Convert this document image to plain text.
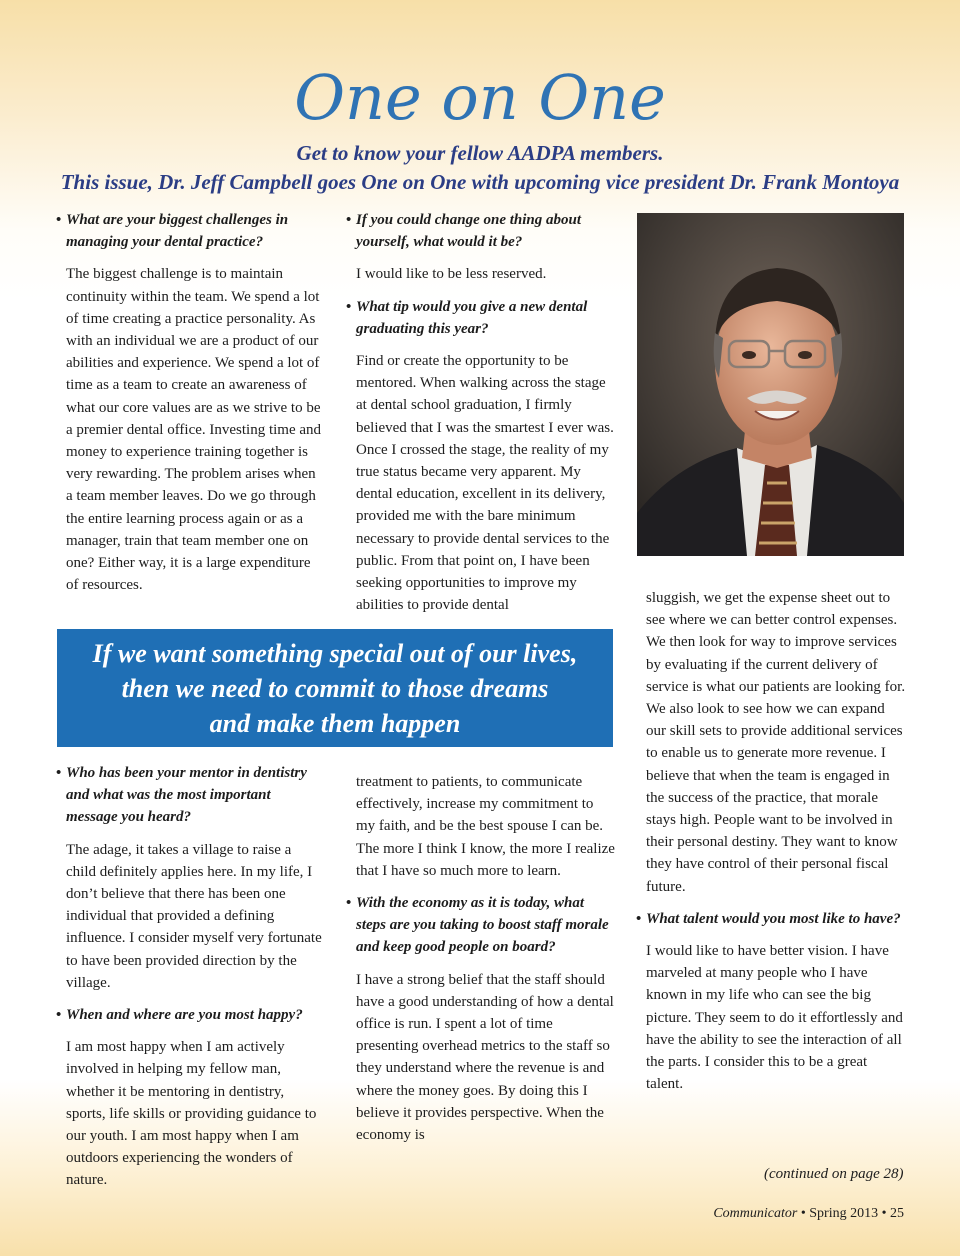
One on One
Get to know your fellow AADPA members.
This issue, Dr. Jeff Campbell goes One on One with upcoming vice president Dr. Frank Montoya
• What are your biggest challenges in managing your dental practice?

The biggest challenge is to maintain continuity within the team. We spend a lot of time creating a practice personality. As with an individual we are a product of our abilities and experience. We spend a lot of time as a team to create an awareness of what our core values are as we strive to be a premier dental office. Investing time and money to experience training together is very rewarding. The problem arises when a team member leaves. Do we go through the entire learning process again or as a manager, train that team member one on one? Either way, it is a large expenditure of resources.

• If you could change one thing about yourself, what would it be?

I would like to be less reserved.

• What tip would you give a new dental graduating this year?

Find or create the opportunity to be mentored. When walking across the stage at dental school graduation, I firmly believed that I was the smartest I ever was. Once I crossed the stage, the reality of my true status became very apparent. My dental education, excellent in its delivery, provided me with the bare minimum necessary to provide dental services to the public. From that point on, I have been seeking opportunities to improve my abilities to provide dental

If we want something special out of our lives,
then we need to commit to those dreams
and make them happen
• Who has been your mentor in dentistry and what was the most important message you heard?

The adage, it takes a village to raise a child definitely applies here. In my life, I don’t believe that there has been one individual that provided a defining influence. I consider myself very fortunate to have been provided direction by the village.

• When and where are you most happy?

I am most happy when I am actively involved in helping my fellow man, whether it be mentoring in dentistry, sports, life skills or providing guidance to our youth. I am most happy when I am outdoors experiencing the wonders of nature.

treatment to patients, to communicate effectively, increase my commitment to my faith, and be the best spouse I can be. The more I think I know, the more I realize that I have so much more to learn.

• With the economy as it is today, what steps are you taking to boost staff morale and keep good people on board?

I have a strong belief that the staff should have a good understanding of how a dental office is run. I spent a lot of time presenting overhead metrics to the staff so they understand where the revenue is and where the money goes. By doing this I believe it provides perspective. When the economy is

sluggish, we get the expense sheet out to see where we can better control expenses. We then look for way to improve services by evaluating if the current delivery of service is what our patients are looking for. We also look to see how we can expand our skill sets to provide additional services to enable us to generate more revenue. I believe that when the team is engaged in the success of the practice, that morale stays high. People want to be involved in their personal destiny. They want to know they have control of their personal fiscal future.

• What talent would you most like to have?

I would like to have better vision. I have marveled at many people who I have known in my life who can see the big picture. They seem to do it effortlessly and have the ability to see the interaction of all the parts. I consider this to be a great talent.

(continued on page 28)
Communicator • Spring 2013 • 25
